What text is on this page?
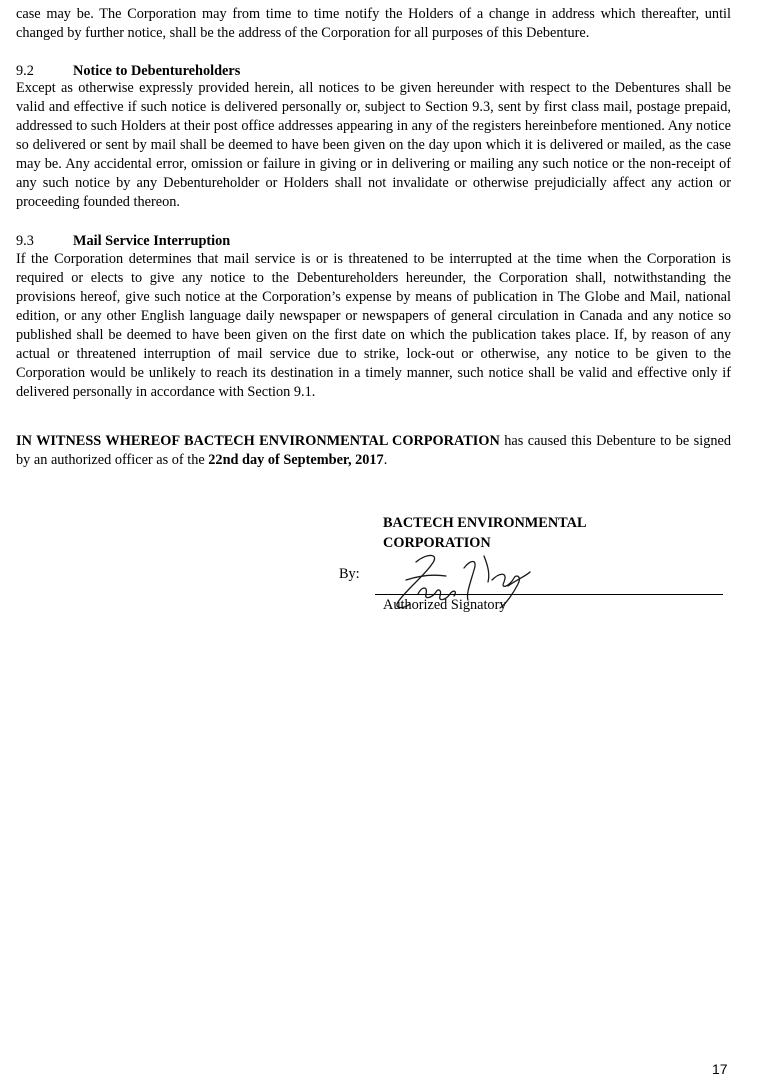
case may be. The Corporation may from time to time notify the Holders of a change in address which thereafter, until changed by further notice, shall be the address of the Corporation for all purposes of this Debenture.

9.2	Notice to Debentureholders

Except as otherwise expressly provided herein, all notices to be given hereunder with respect to the Debentures shall be valid and effective if such notice is delivered personally or, subject to Section 9.3, sent by first class mail, postage prepaid, addressed to such Holders at their post office addresses appearing in any of the registers hereinbefore mentioned. Any notice so delivered or sent by mail shall be deemed to have been given on the day upon which it is delivered or mailed, as the case may be. Any accidental error, omission or failure in giving or in delivering or mailing any such notice or the non-receipt of any such notice by any Debentureholder or Holders shall not invalidate or otherwise prejudicially affect any action or proceeding founded thereon.

9.3	Mail Service Interruption

If the Corporation determines that mail service is or is threatened to be interrupted at the time when the Corporation is required or elects to give any notice to the Debentureholders hereunder, the Corporation shall, notwithstanding the provisions hereof, give such notice at the Corporation’s expense by means of publication in The Globe and Mail, national edition, or any other English language daily newspaper or newspapers of general circulation in Canada and any notice so published shall be deemed to have been given on the first date on which the publication takes place. If, by reason of any actual or threatened interruption of mail service due to strike, lock-out or otherwise, any notice to be given to the Corporation would be unlikely to reach its destination in a timely manner, such notice shall be valid and effective only if delivered personally in accordance with Section 9.1.

IN WITNESS WHEREOF BACTECH ENVIRONMENTAL CORPORATION has caused this Debenture to be signed by an authorized officer as of the 22nd day of September, 2017.

BACTECH ENVIRONMENTAL
CORPORATION
By:
Authorized Signatory
17
